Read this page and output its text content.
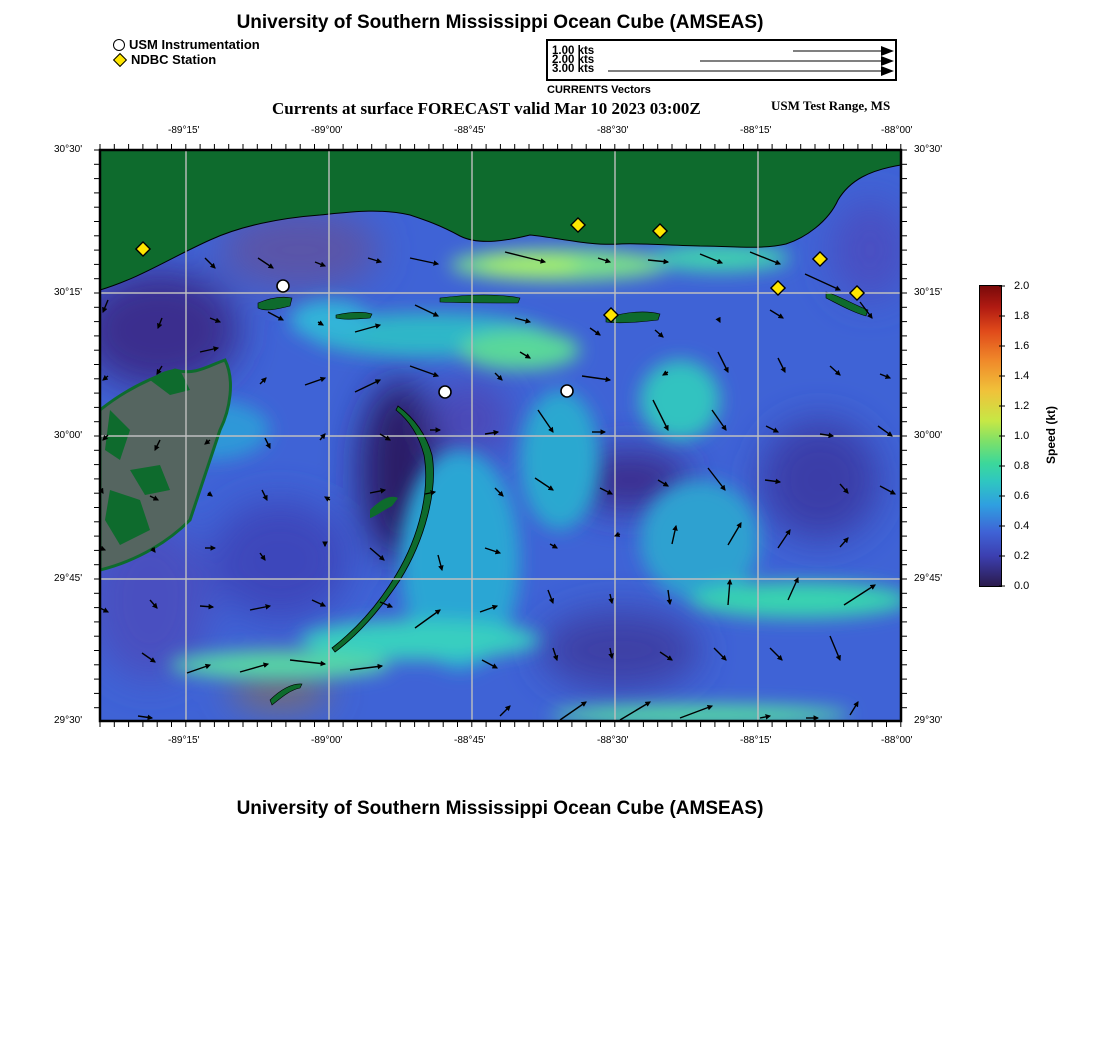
University of Southern Mississippi Ocean Cube (AMSEAS)
USM Instrumentation
NDBC Station
1.00 kts
2.00 kts
3.00 kts
CURRENTS Vectors
Currents at surface FORECAST valid Mar 10 2023 03:00Z	USM Test Range, MS
-89°15'	-89°00'	-88°45'	-88°30'	-88°15'	-88°00'
-89°15'	-89°00'	-88°45'	-88°30'	-88°15'	-88°00'
30°30'
30°15'
30°00'
29°45'
29°30'
30°30'
30°15'
30°00'
29°45'
29°30'
2.0
1.8
1.6
1.4
1.2
1.0
0.8
0.6
0.4
0.2
0.0
Speed (kt)
University of Southern Mississippi Ocean Cube (AMSEAS)
